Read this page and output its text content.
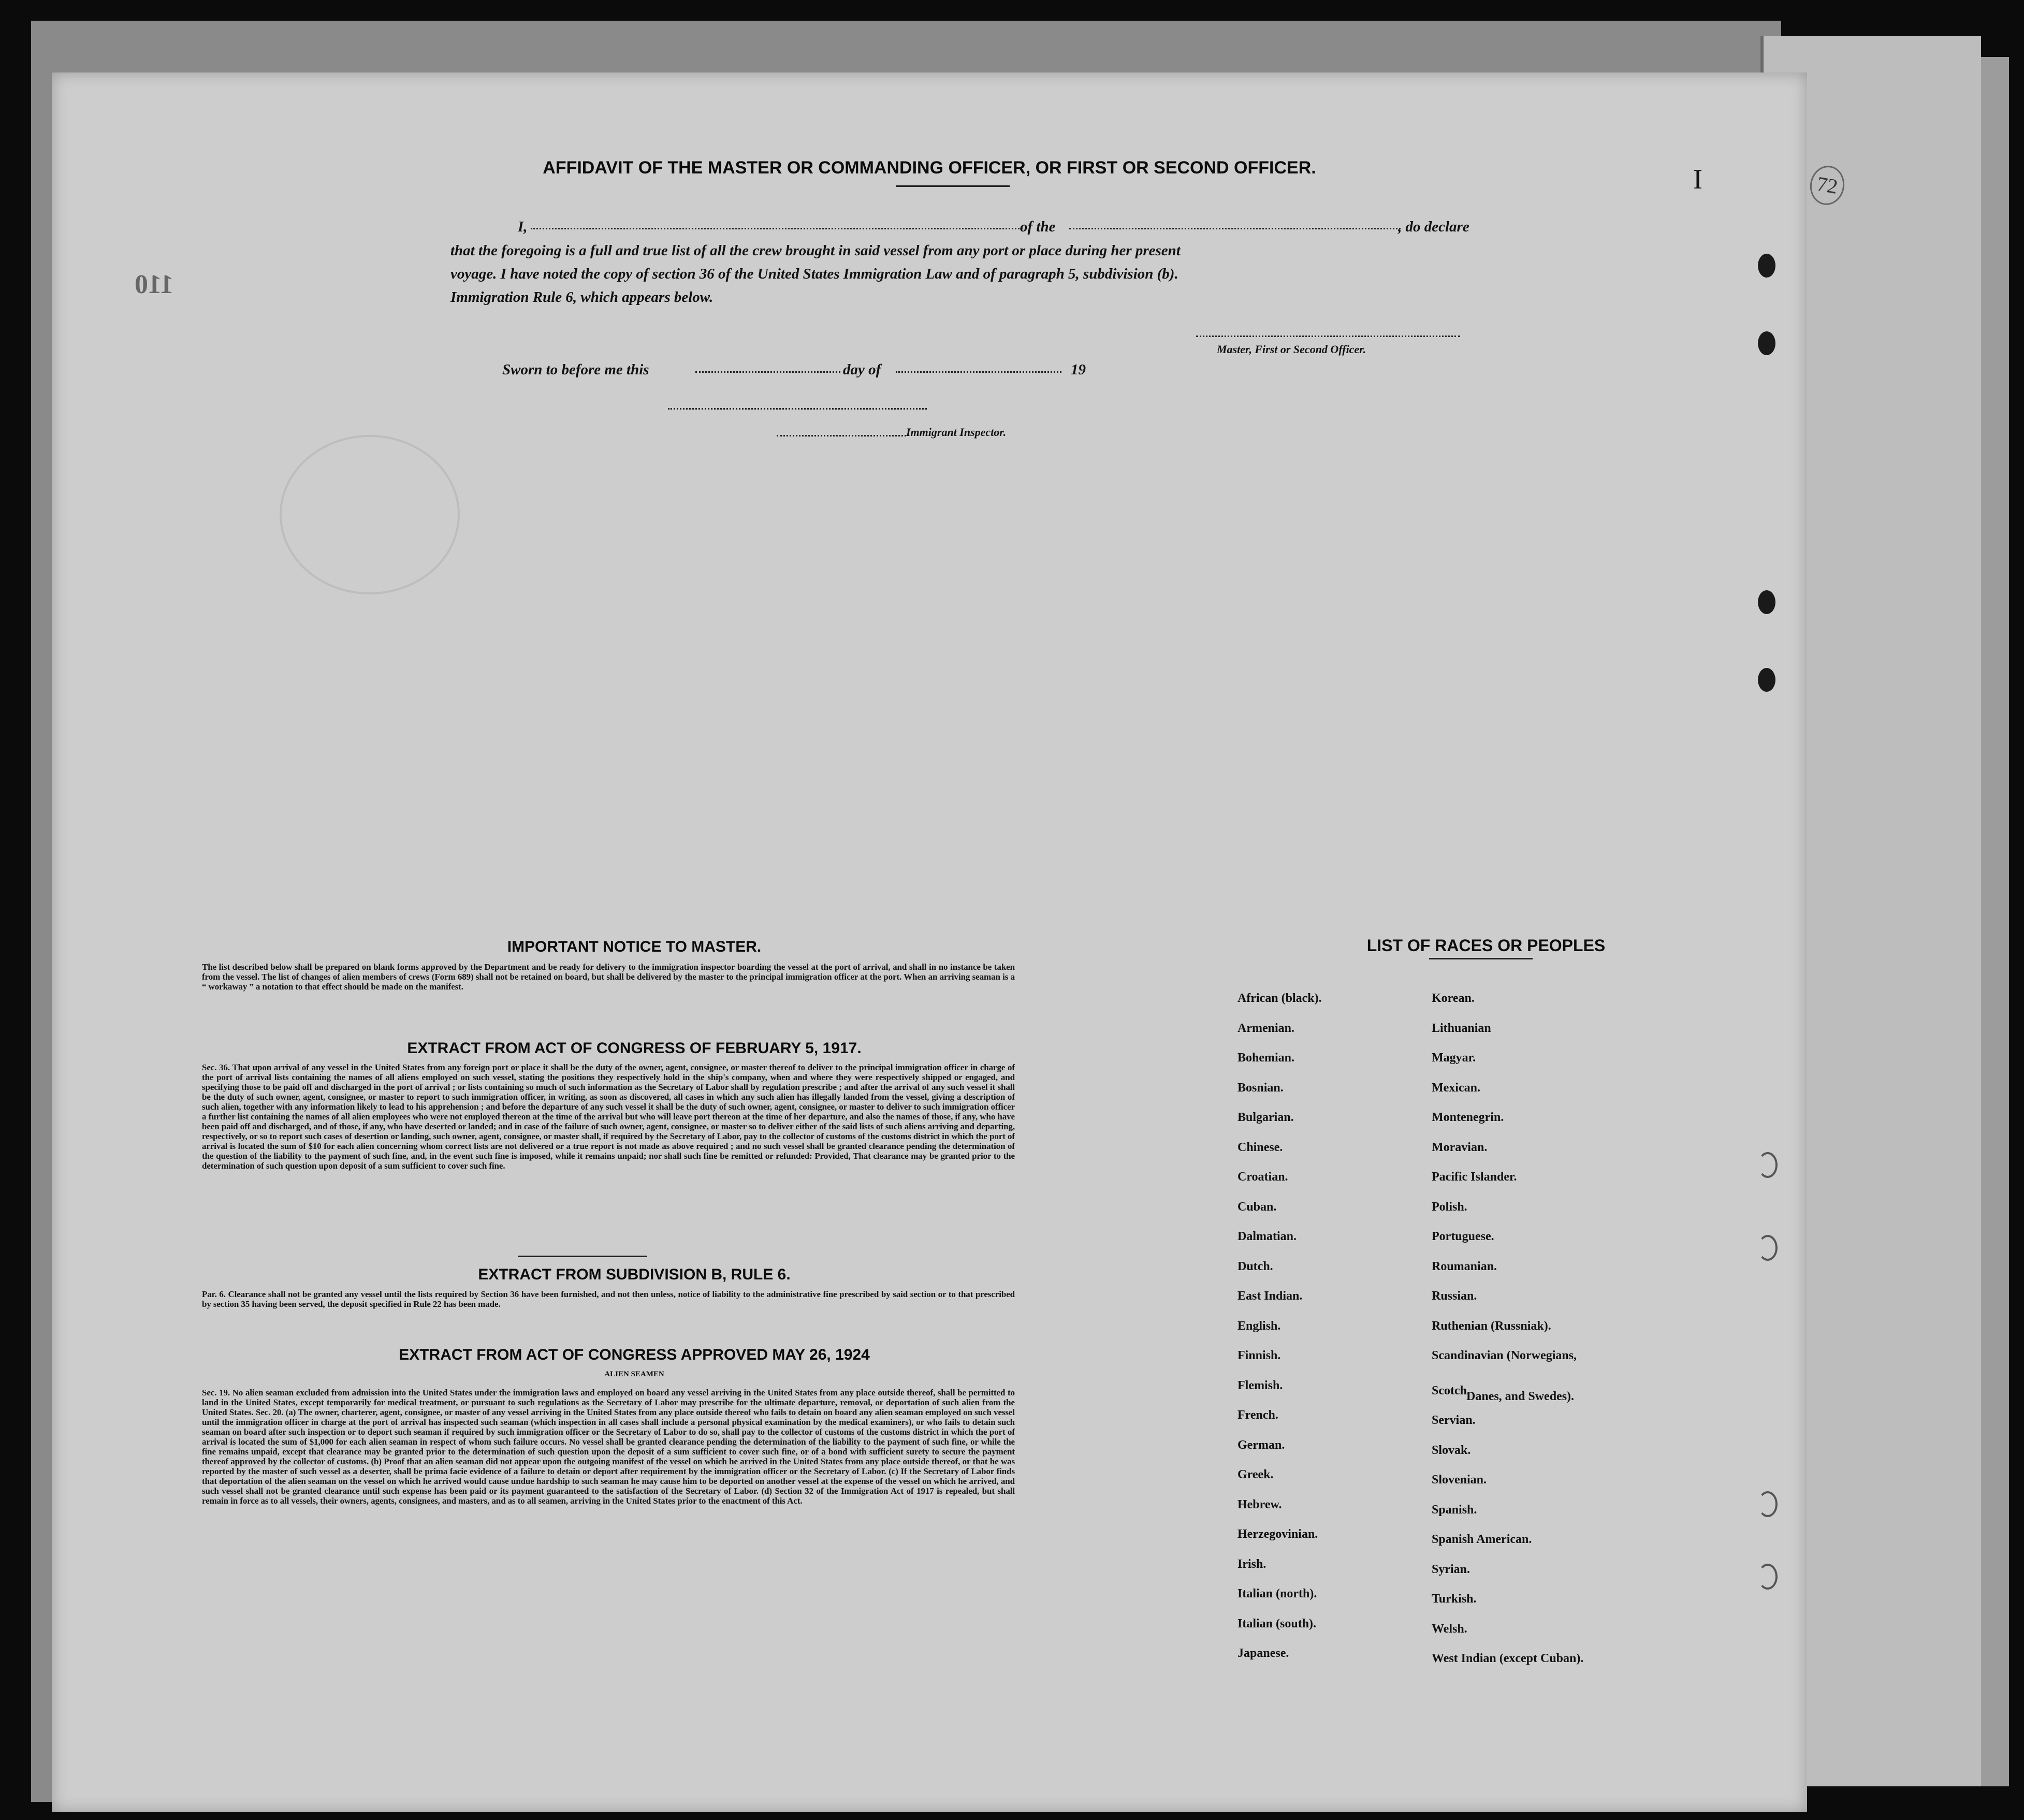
72
110
I
AFFIDAVIT OF THE MASTER OR COMMANDING OFFICER, OR FIRST OR SECOND OFFICER.
I,	of the	, do declare
that the foregoing is a full and true list of all the crew brought in said vessel from any port or place during her present
voyage. I have noted the copy of section 36 of the United States Immigration Law and of paragraph 5, subdivision (b).
Immigration Rule 6, which appears below.
Master, First or Second Officer.
Sworn to before me this	day of	19
Immigrant Inspector.
IMPORTANT NOTICE TO MASTER.
The list described below shall be prepared on blank forms approved by the Department and be ready for delivery to the immigration inspector boarding the vessel at the port of arrival, and shall in no instance be taken from the vessel. The list of changes of alien members of crews (Form 689) shall not be retained on board, but shall be delivered by the master to the principal immigration officer at the port. When an arriving seaman is a “ workaway ” a notation to that effect should be made on the manifest.
EXTRACT FROM ACT OF CONGRESS OF FEBRUARY 5, 1917.
Sec. 36. That upon arrival of any vessel in the United States from any foreign port or place it shall be the duty of the owner, agent, consignee, or master thereof to deliver to the principal immigration officer in charge of the port of arrival lists containing the names of all aliens employed on such vessel, stating the positions they respectively hold in the ship's company, when and where they were respectively shipped or engaged, and specifying those to be paid off and discharged in the port of arrival ; or lists containing so much of such information as the Secretary of Labor shall by regulation prescribe ; and after the arrival of any such vessel it shall be the duty of such owner, agent, consignee, or master to report to such immigration officer, in writing, as soon as discovered, all cases in which any such alien has illegally landed from the vessel, giving a description of such alien, together with any information likely to lead to his apprehension ; and before the departure of any such vessel it shall be the duty of such owner, agent, consignee, or master to deliver to such immigration officer a further list containing the names of all alien employees who were not employed thereon at the time of the arrival but who will leave port thereon at the time of her departure, and also the names of those, if any, who have been paid off and discharged, and of those, if any, who have deserted or landed; and in case of the failure of such owner, agent, consignee, or master so to deliver either of the said lists of such aliens arriving and departing, respectively, or so to report such cases of desertion or landing, such owner, agent, consignee, or master shall, if required by the Secretary of Labor, pay to the collector of customs of the customs district in which the port of arrival is located the sum of $10 for each alien concerning whom correct lists are not delivered or a true report is not made as above required ; and no such vessel shall be granted clearance pending the determination of the question of the liability to the payment of such fine, and, in the event such fine is imposed, while it remains unpaid; nor shall such fine be remitted or refunded: Provided, That clearance may be granted prior to the determination of such question upon deposit of a sum sufficient to cover such fine.
EXTRACT FROM SUBDIVISION B, RULE 6.
Par. 6. Clearance shall not be granted any vessel until the lists required by Section 36 have been furnished, and not then unless, notice of liability to the administrative fine prescribed by said section or to that prescribed by section 35 having been served, the deposit specified in Rule 22 has been made.
EXTRACT FROM ACT OF CONGRESS APPROVED MAY 26, 1924
ALIEN SEAMEN
Sec. 19. No alien seaman excluded from admission into the United States under the immigration laws and employed on board any vessel arriving in the United States from any place outside thereof, shall be permitted to land in the United States, except temporarily for medical treatment, or pursuant to such regulations as the Secretary of Labor may prescribe for the ultimate departure, removal, or deportation of such alien from the United States. Sec. 20. (a) The owner, charterer, agent, consignee, or master of any vessel arriving in the United States from any place outside thereof who fails to detain on board any alien seaman employed on such vessel until the immigration officer in charge at the port of arrival has inspected such seaman (which inspection in all cases shall include a personal physical examination by the medical examiners), or who fails to detain such seaman on board after such inspection or to deport such seaman if required by such immigration officer or the Secretary of Labor to do so, shall pay to the collector of customs of the customs district in which the port of arrival is located the sum of $1,000 for each alien seaman in respect of whom such failure occurs. No vessel shall be granted clearance pending the determination of the liability to the payment of such fine, or while the fine remains unpaid, except that clearance may be granted prior to the determination of such question upon the deposit of a sum sufficient to cover such fine, or of a bond with sufficient surety to secure the payment thereof approved by the collector of customs. (b) Proof that an alien seaman did not appear upon the outgoing manifest of the vessel on which he arrived in the United States from any place outside thereof, or that he was reported by the master of such vessel as a deserter, shall be prima facie evidence of a failure to detain or deport after requirement by the immigration officer or the Secretary of Labor. (c) If the Secretary of Labor finds that deportation of the alien seaman on the vessel on which he arrived would cause undue hardship to such seaman he may cause him to be deported on another vessel at the expense of the vessel on which he arrived, and such vessel shall not be granted clearance until such expense has been paid or its payment guaranteed to the satisfaction of the Secretary of Labor. (d) Section 32 of the Immigration Act of 1917 is repealed, but shall remain in force as to all vessels, their owners, agents, consignees, and masters, and as to all seamen, arriving in the United States prior to the enactment of this Act.
LIST OF RACES OR PEOPLES
Danes, and Swedes).
African (black).
Armenian.
Bohemian.
Bosnian.
Bulgarian.
Chinese.
Croatian.
Cuban.
Dalmatian.
Dutch.
East Indian.
English.
Finnish.
Flemish.
French.
German.
Greek.
Hebrew.
Herzegovinian.
Irish.
Italian (north).
Italian (south).
Japanese.
Korean.
Lithuanian
Magyar.
Mexican.
Montenegrin.
Moravian.
Pacific Islander.
Polish.
Portuguese.
Roumanian.
Russian.
Ruthenian (Russniak).
Scandinavian (Norwegians,
Scotch.
Servian.
Slovak.
Slovenian.
Spanish.
Spanish American.
Syrian.
Turkish.
Welsh.
West Indian (except Cuban).
